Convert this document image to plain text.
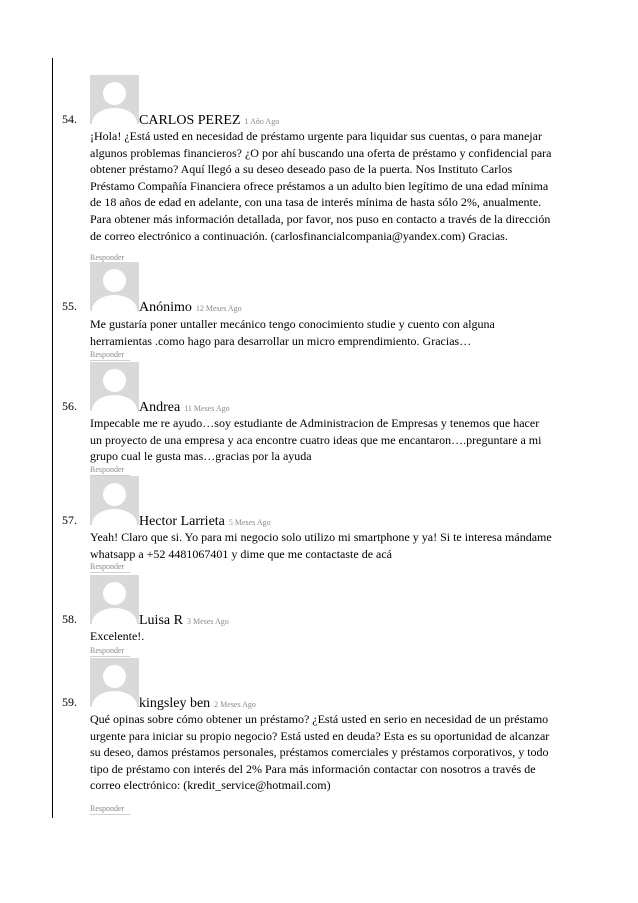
54.	CARLOS PEREZ 1 Año Ago

¡Hola! ¿Está usted en necesidad de préstamo urgente para liquidar sus cuentas, o para manejar algunos problemas financieros? ¿O por ahí buscando una oferta de préstamo y confidencial para obtener préstamo? Aquí llegó a su deseo deseado paso de la puerta. Nos Instituto Carlos Préstamo Compañía Financiera ofrece préstamos a un adulto bien legítimo de una edad mínima de 18 años de edad en adelante, con una tasa de interés mínima de hasta sólo 2%, anualmente. Para obtener más información detallada, por favor, nos puso en contacto a través de la dirección de correo electrónico a continuación. (carlosfinancialcompania@yandex.com) Gracias.

Responder
55.	Anónimo 12 Meses Ago

Me gustaría poner untaller mecánico tengo conocimiento studie y cuento con alguna herramientas .como hago para desarrollar un micro emprendimiento. Gracias…

Responder
56.	Andrea 11 Meses Ago

Impecable me re ayudo…soy estudiante de Administracion de Empresas y tenemos que hacer un proyecto de una empresa y aca encontre cuatro ideas que me encantaron….preguntare a mi grupo cual le gusta mas…gracias por la ayuda

Responder
57.	Hector Larrieta 5 Meses Ago

Yeah! Claro que si. Yo para mi negocio solo utilizo mi smartphone y ya! Si te interesa mándame whatsapp a +52 4481067401 y dime que me contactaste de acá

Responder
58.	Luisa R 3 Meses Ago

Excelente!.

Responder
59.	kingsley ben 2 Meses Ago

Qué opinas sobre cómo obtener un préstamo? ¿Está usted en serio en necesidad de un préstamo urgente para iniciar su propio negocio? Está usted en deuda? Esta es su oportunidad de alcanzar su deseo, damos préstamos personales, préstamos comerciales y préstamos corporativos, y todo tipo de préstamo con interés del 2% Para más información contactar con nosotros a través de correo electrónico: (kredit_service@hotmail.com)

Responder
